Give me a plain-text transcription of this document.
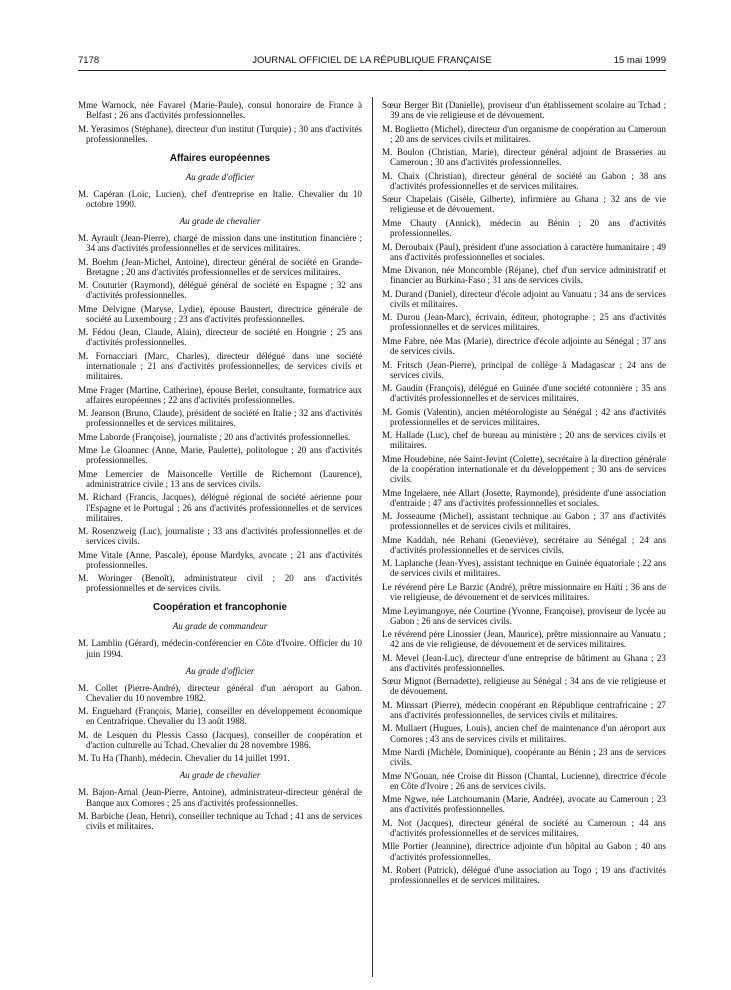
7178	JOURNAL OFFICIEL DE LA RÉPUBLIQUE FRANÇAISE	15 mai 1999

Mme Warnock, née Favarel (Marie-Paule), consul honoraire de France à Belfast ; 26 ans d'activités professionnelles.

M. Yerasimos (Stéphane), directeur d'un institut (Turquie) ; 30 ans d'activités professionnelles.

Affaires européennes

Au grade d'officier

M. Capéran (Loïc, Lucien), chef d'entreprise en Italie. Chevalier du 10 octobre 1990.

Au grade de chevalier

M. Ayrault (Jean-Pierre), chargé de mission dans une institution financière ; 34 ans d'activités professionnelles et de services militaires.

M. Boehm (Jean-Michel, Antoine), directeur général de société en Grande-Bretagne ; 20 ans d'activités professionnelles et de services militaires.

M. Couturier (Raymond), délégué général de société en Espagne ; 32 ans d'activités professionnelles.

Mme Delvigne (Maryse, Lydie), épouse Baustert, directrice générale de société au Luxembourg ; 23 ans d'activités professionnelles.

M. Fédou (Jean, Claude, Alain), directeur de société en Hongrie ; 25 ans d'activités professionnelles.

M. Fornacciari (Marc, Charles), directeur délégué dans une société internationale ; 21 ans d'activités professionnelles, de services civils et militaires.

Mme Frager (Martine, Catherine), épouse Berlet, consultante, formatrice aux affaires européennes ; 22 ans d'activités professionnelles.

M. Jeanson (Bruno, Claude), président de société en Italie ; 32 ans d'activités professionnelles et de services militaires.

Mme Laborde (Françoise), journaliste ; 20 ans d'activités professionnelles.

Mme Le Gloannec (Anne, Marie, Paulette), politologue ; 20 ans d'activités professionnelles.

Mme Lemercier de Maisoncelle Vertille de Richemont (Laurence), administratrice civile ; 13 ans de services civils.

M. Richard (Francis, Jacques), délégué régional de société aérienne pour l'Espagne et le Portugal ; 26 ans d'activités professionnelles et de services militaires.

M. Rosenzweig (Luc), journaliste ; 33 ans d'activités professionnelles et de services civils.

Mme Vitale (Anne, Pascale), épouse Mardyks, avocate ; 21 ans d'activités professionnelles.

M. Woringer (Benoît), administrateur civil ; 20 ans d'activités professionnelles et de services civils.

Coopération et francophonie

Au grade de commandeur

M. Lamblin (Gérard), médecin-conférencier en Côte d'Ivoire. Officier du 10 juin 1994.

Au grade d'officier

M. Collet (Pierre-André), directeur général d'un aéroport au Gabon. Chevalier du 10 novembre 1982.

M. Enguehard (François, Marie), conseiller en développement économique en Centrafrique. Chevalier du 13 août 1988.

M. de Lesquen du Plessis Casso (Jacques), conseiller de coopération et d'action culturelle au Tchad. Chevalier du 28 novembre 1986.

M. Tu Ha (Thanh), médecin. Chevalier du 14 juillet 1991.

Au grade de chevalier

M. Bajon-Arnal (Jean-Pierre, Antoine), administrateur-directeur général de Banque aux Comores ; 25 ans d'activités professionnelles.

M. Barbiche (Jean, Henri), conseiller technique au Tchad ; 41 ans de services civils et militaires.

Sœur Berger Bit (Danielle), proviseur d'un établissement scolaire au Tchad ; 39 ans de vie religieuse et de dévouement.

M. Boglietto (Michel), directeur d'un organisme de coopération au Cameroun ; 20 ans de services civils et militaires.

M. Boulon (Christian, Marie), directeur général adjoint de Brasseries au Cameroun ; 30 ans d'activités professionnelles.

M. Chaix (Christian), directeur général de société au Gabon ; 38 ans d'activités professionnelles et de services militaires.

Sœur Chapelais (Gisèle, Gilberte), infirmière au Ghana ; 32 ans de vie religieuse et de dévouement.

Mme Chauty (Annick), médecin au Bénin ; 20 ans d'activités professionnelles.

M. Deroubaix (Paul), président d'une association à caractère humanitaire ; 49 ans d'activités professionnelles et sociales.

Mme Divanon, née Moncomble (Réjane), chef d'un service administratif et financier au Burkina-Faso ; 31 ans de services civils.

M. Durand (Daniel), directeur d'école adjoint au Vanuatu ; 34 ans de services civils et militaires.

M. Durou (Jean-Marc), écrivain, éditeur, photographe ; 25 ans d'activités professionnelles et de services militaires.

Mme Fabre, née Mas (Marie), directrice d'école adjointe au Sénégal ; 37 ans de services civils.

M. Fritsch (Jean-Pierre), principal de collège à Madagascar ; 24 ans de services civils.

M. Gaudin (François), délégué en Guinée d'une société cotonnière ; 35 ans d'activités professionnelles et de services militaires.

M. Gomis (Valentin), ancien météorologiste au Sénégal ; 42 ans d'activités professionnelles et de services militaires.

M. Hallade (Luc), chef de bureau au ministère ; 20 ans de services civils et militaires.

Mme Houdebine, née Saint-Jevint (Colette), secrétaire à la direction générale de la coopération internationale et du développement ; 30 ans de services civils.

Mme Ingelaere, née Allart (Josette, Raymonde), présidente d'une association d'entraide ; 47 ans d'activités professionnelles et sociales.

M. Josseaume (Michel), assistant technique au Gabon ; 37 ans d'activités professionnelles et de services civils et militaires.

Mme Kaddah, née Rehani (Geneviève), secrétaire au Sénégal ; 24 ans d'activités professionnelles et de services civils.

M. Laplanche (Jean-Yves), assistant technique en Guinée équatoriale ; 22 ans de services civils et militaires.

Le révérend père Le Barzic (André), prêtre missionnaire en Haïti ; 36 ans de vie religieuse, de dévouement et de services militaires.

Mme Leyimangoye, née Courtine (Yvonne, Françoise), proviseur de lycée au Gabon ; 26 ans de services civils.

Le révérend père Linossier (Jean, Maurice), prêtre missionnaire au Vanuatu ; 42 ans de vie religieuse, de dévouement et de services militaires.

M. Mevel (Jean-Luc), directeur d'une entreprise de bâtiment au Ghana ; 23 ans d'activités professionnelles.

Sœur Mignot (Bernadette), religieuse au Sénégal ; 34 ans de vie religieuse et de dévouement.

M. Minssart (Pierre), médecin coopérant en République centrafricaine ; 27 ans d'activités professionnelles, de services civils et militaires.

M. Mullaert (Hugues, Louis), ancien chef de maintenance d'un aéroport aux Comores ; 43 ans de services civils et militaires.

Mme Nardi (Michèle, Dominique), coopérante au Bénin ; 23 ans de services civils.

Mme N'Gouan, née Croise dit Bisson (Chantal, Lucienne), directrice d'école en Côte d'Ivoire ; 26 ans de services civils.

Mme Ngwe, née Latchoumanin (Marie, Andrée), avocate au Cameroun ; 23 ans d'activités professionnelles.

M. Not (Jacques), directeur général de société au Cameroun ; 44 ans d'activités professionnelles et de services militaires.

Mlle Portier (Jeannine), directrice adjointe d'un hôpital au Gabon ; 40 ans d'activités professionnelles.

M. Robert (Patrick), délégué d'une association au Togo ; 19 ans d'activités professionnelles et de services militaires.
